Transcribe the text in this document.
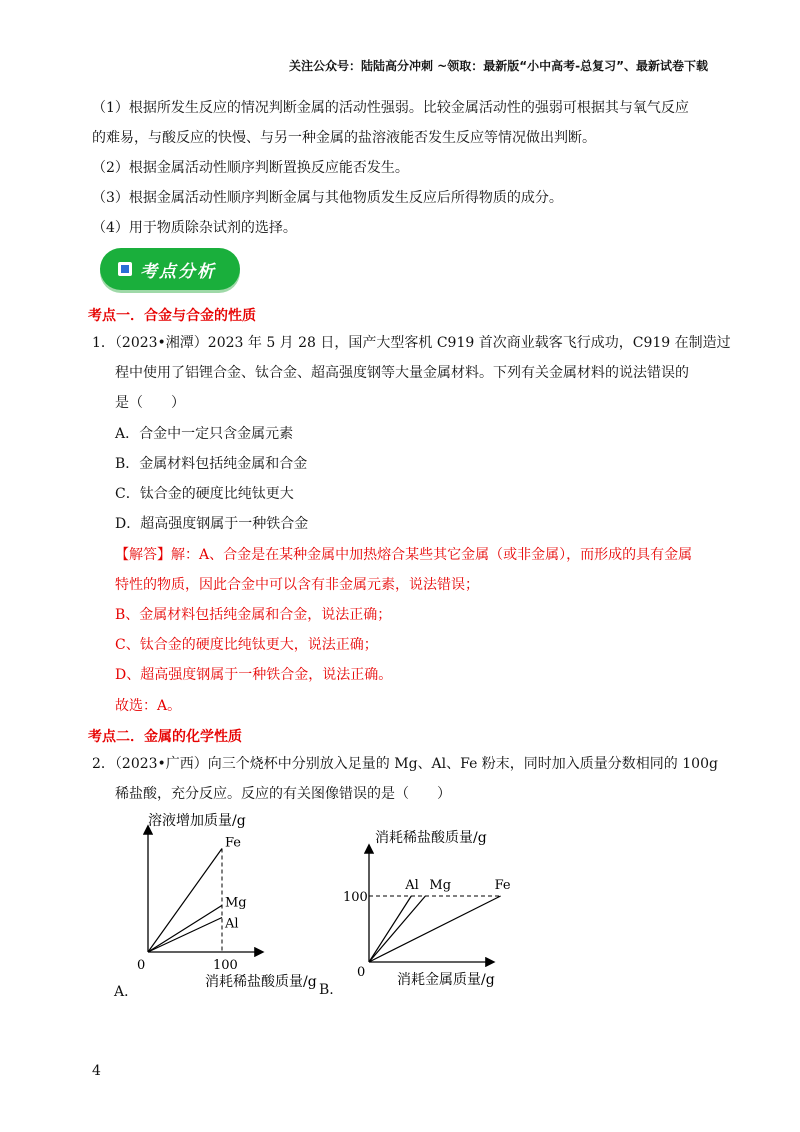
关注公众号：陆陆高分冲刺 ~领取：最新版“小中高考-总复习”、最新试卷下载
（1）根据所发生反应的情况判断金属的活动性强弱。比较金属活动性的强弱可根据其与氧气反应
的难易，与酸反应的快慢、与另一种金属的盐溶液能否发生反应等情况做出判断。
（2）根据金属活动性顺序判断置换反应能否发生。
（3）根据金属活动性顺序判断金属与其他物质发生反应后所得物质的成分。
（4）用于物质除杂试剂的选择。
考点分析
考点一．合金与合金的性质
1．（2023•湘潭）2023 年 5 月 28 日，国产大型客机 C919 首次商业载客飞行成功，C919 在制造过
程中使用了铝锂合金、钛合金、超高强度钢等大量金属材料。下列有关金属材料的说法错误的
是（　　）
A．合金中一定只含金属元素
B．金属材料包括纯金属和合金
C．钛合金的硬度比纯钛更大
D．超高强度钢属于一种铁合金
【解答】解：A、合金是在某种金属中加热熔合某些其它金属（或非金属），而形成的具有金属
特性的物质，因此合金中可以含有非金属元素，说法错误；
B、金属材料包括纯金属和合金，说法正确；
C、钛合金的硬度比纯钛更大，说法正确；
D、超高强度钢属于一种铁合金，说法正确。
故选：A。
考点二．金属的化学性质
2．（2023•广西）向三个烧杯中分别放入足量的 Mg、Al、Fe 粉末，同时加入质量分数相同的 100g
稀盐酸，充分反应。反应的有关图像错误的是（　　）
溶液增加质量/g
消耗稀盐酸质量/g
0	100
Fe
Mg
Al
A．
消耗稀盐酸质量/g
消耗金属质量/g
0
100
Al Mg	Fe
B.
4
